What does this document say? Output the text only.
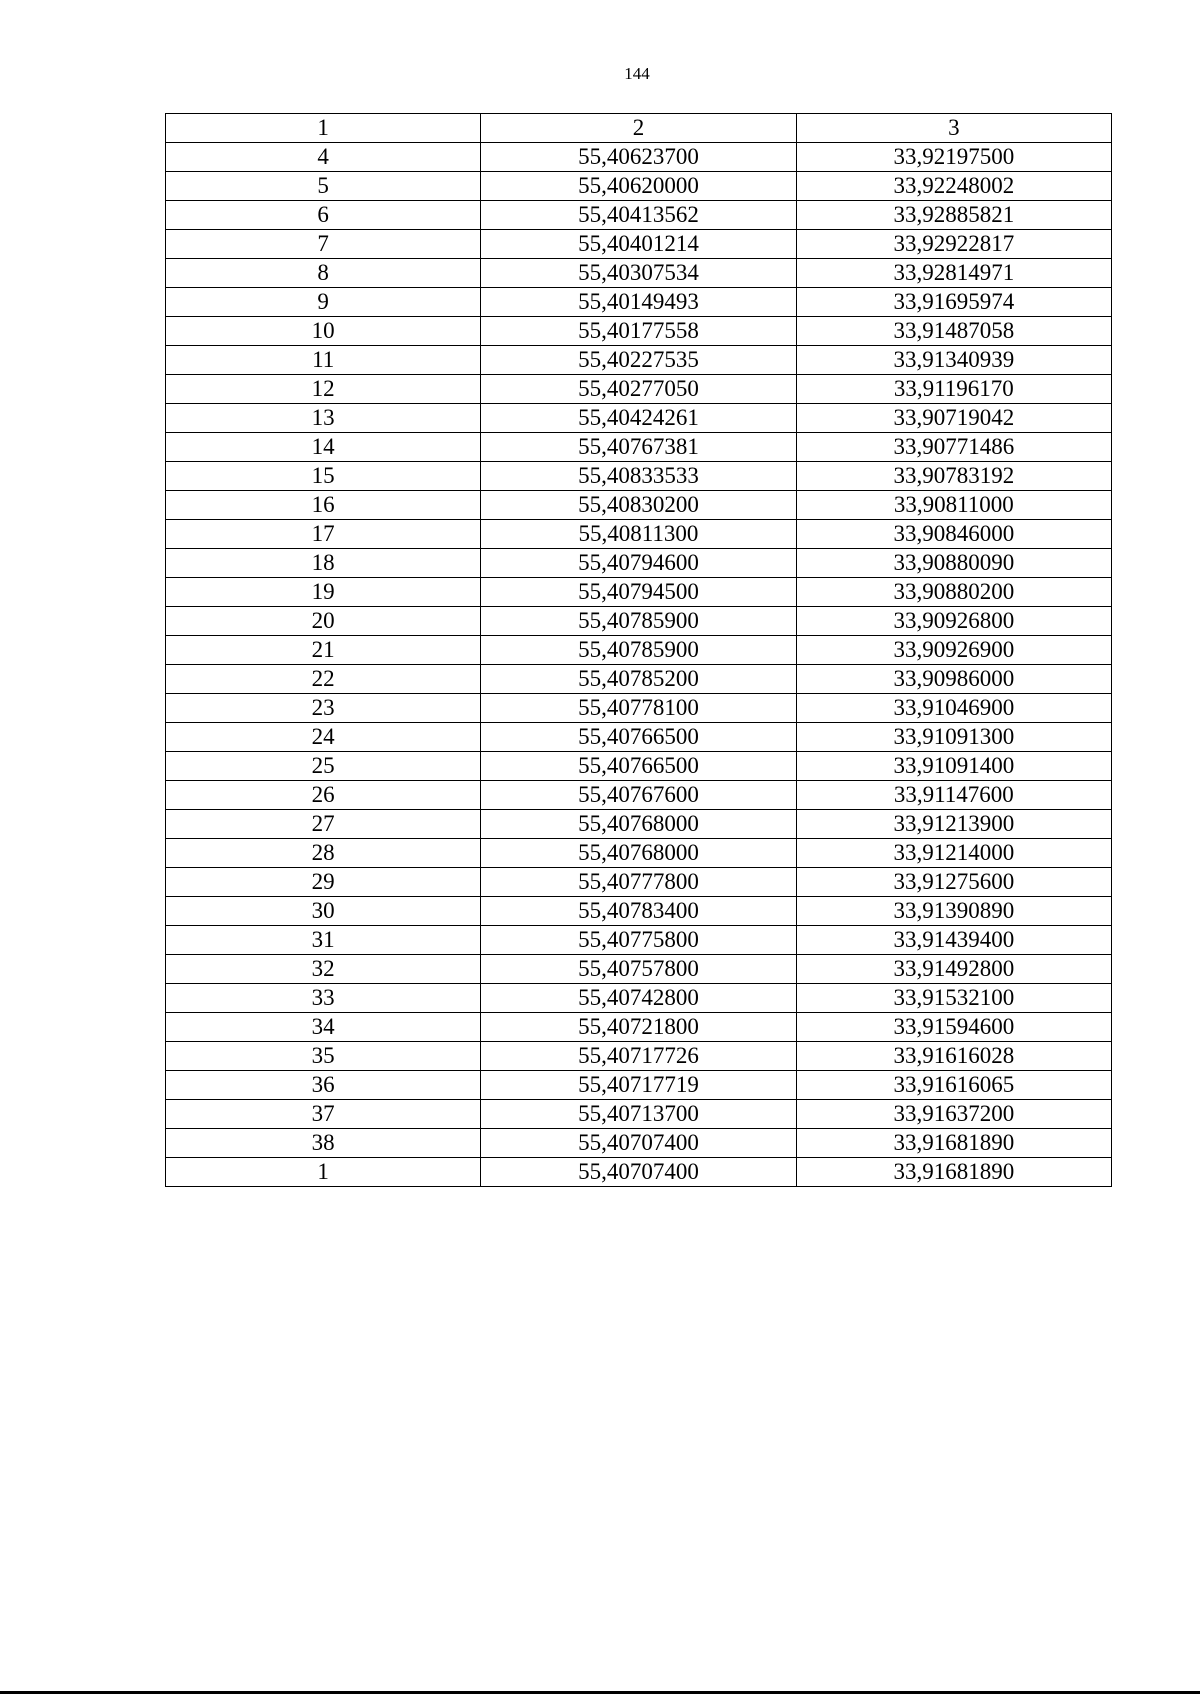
144
1	2	3
4	55,40623700	33,92197500
5	55,40620000	33,92248002
6	55,40413562	33,92885821
7	55,40401214	33,92922817
8	55,40307534	33,92814971
9	55,40149493	33,91695974
10	55,40177558	33,91487058
11	55,40227535	33,91340939
12	55,40277050	33,91196170
13	55,40424261	33,90719042
14	55,40767381	33,90771486
15	55,40833533	33,90783192
16	55,40830200	33,90811000
17	55,40811300	33,90846000
18	55,40794600	33,90880090
19	55,40794500	33,90880200
20	55,40785900	33,90926800
21	55,40785900	33,90926900
22	55,40785200	33,90986000
23	55,40778100	33,91046900
24	55,40766500	33,91091300
25	55,40766500	33,91091400
26	55,40767600	33,91147600
27	55,40768000	33,91213900
28	55,40768000	33,91214000
29	55,40777800	33,91275600
30	55,40783400	33,91390890
31	55,40775800	33,91439400
32	55,40757800	33,91492800
33	55,40742800	33,91532100
34	55,40721800	33,91594600
35	55,40717726	33,91616028
36	55,40717719	33,91616065
37	55,40713700	33,91637200
38	55,40707400	33,91681890
1	55,40707400	33,91681890
